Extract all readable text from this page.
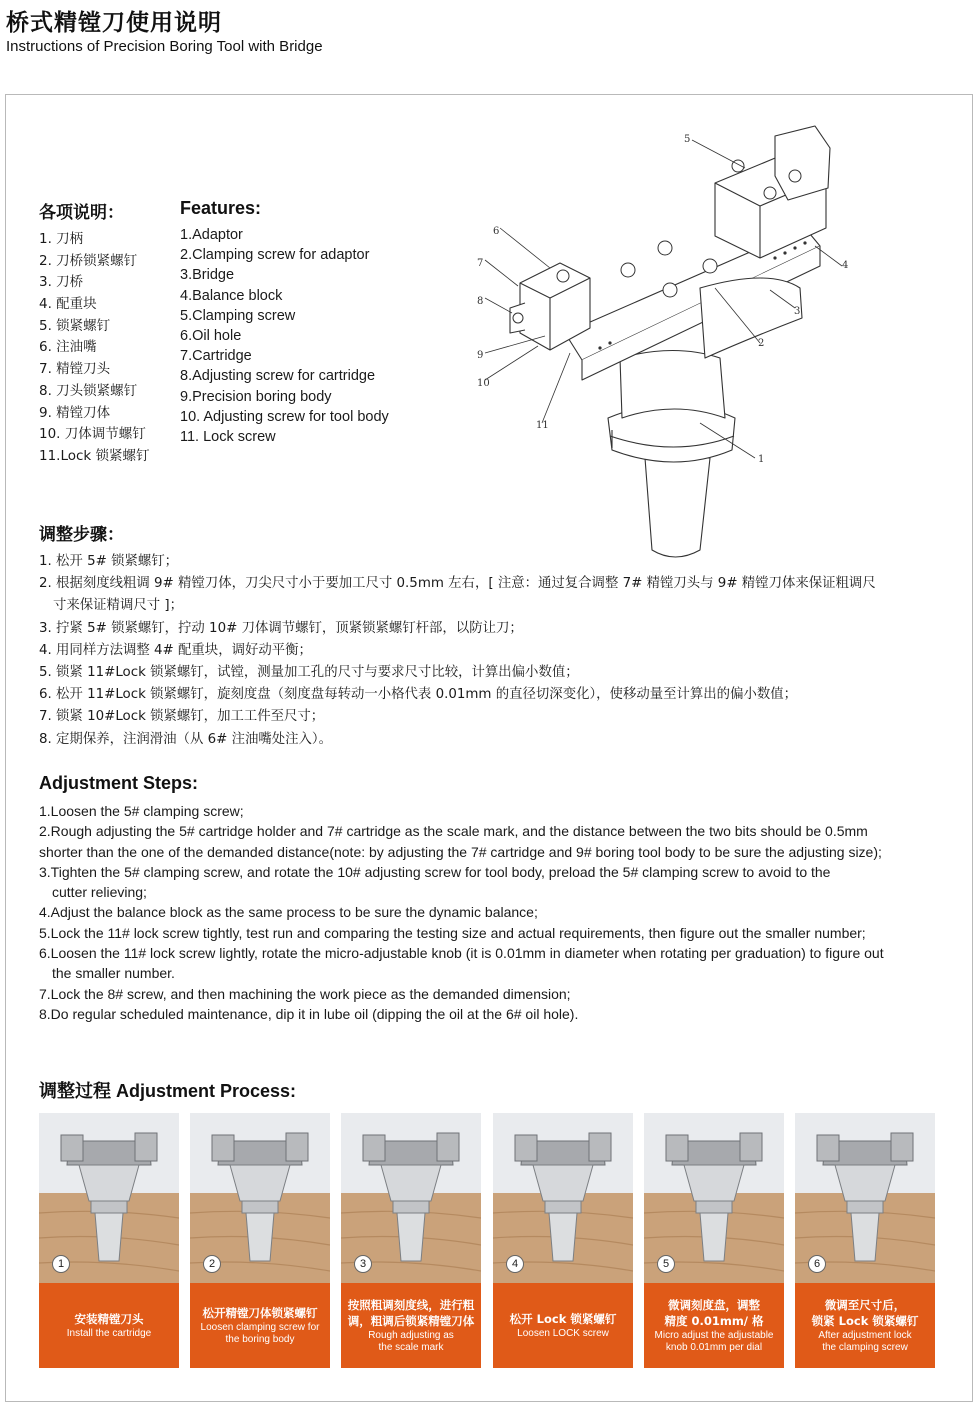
桥式精镗刀使用说明
Instructions of Precision Boring Tool with Bridge
各项说明：
1. 刀柄
2. 刀桥锁紧螺钉
3. 刀桥
4. 配重块
5. 锁紧螺钉
6. 注油嘴
7. 精镗刀头
8. 刀头锁紧螺钉
9. 精镗刀体
10. 刀体调节螺钉
11.Lock 锁紧螺钉
Features:
1.Adaptor
2.Clamping screw for adaptor
3.Bridge
4.Balance block
5.Clamping screw
6.Oil hole
7.Cartridge
8.Adjusting screw for cartridge
9.Precision boring body
10. Adjusting screw for tool body
11. Lock screw
1
2
3
4
5
6
7
8
9
10
11
调整步骤：
1. 松开 5# 锁紧螺钉；
2. 根据刻度线粗调 9# 精镗刀体，刀尖尺寸小于要加工尺寸 0.5mm 左右，[ 注意：通过复合调整 7# 精镗刀头与 9# 精镗刀体来保证粗调尺
寸来保证精调尺寸 ]；
3. 拧紧 5# 锁紧螺钉，拧动 10# 刀体调节螺钉，顶紧锁紧螺钉杆部，以防让刀；
4. 用同样方法调整 4# 配重块，调好动平衡；
5. 锁紧 11#Lock 锁紧螺钉，试镗，测量加工孔的尺寸与要求尺寸比较，计算出偏小数值；
6. 松开 11#Lock 锁紧螺钉，旋刻度盘（刻度盘每转动一小格代表 0.01mm 的直径切深变化），使移动量至计算出的偏小数值；
7. 锁紧 10#Lock 锁紧螺钉，加工工件至尺寸；
8. 定期保养，注润滑油（从 6# 注油嘴处注入）。
Adjustment Steps:
1.Loosen the 5# clamping screw;
2.Rough adjusting the 5# cartridge holder and 7# cartridge as the scale mark, and the distance between the two bits should be 0.5mm
shorter than the one of the demanded distance(note: by adjusting the 7# cartridge and 9# boring tool body to be sure the adjusting size);
3.Tighten the 5# clamping screw, and rotate the 10# adjusting screw for tool body, preload the 5# clamping screw to avoid to the
cutter relieving;
4.Adjust the balance block as the same process to be sure the dynamic balance;
5.Lock the 11# lock screw tightly, test run and comparing the testing size and actual requirements, then figure out the smaller number;
6.Loosen the 11# lock screw lightly, rotate the micro-adjustable knob (it is 0.01mm in diameter when rotating per graduation) to figure out
the smaller number.
7.Lock the 8# screw, and then machining the work piece as the demanded dimension;
8.Do regular scheduled maintenance, dip it in lube oil (dipping the oil at the 6# oil hole).
调整过程 Adjustment Process:
1
安装精镗刀头
Install the cartridge
2
松开精镗刀体锁紧螺钉
Loosen clamping screw for
the boring body
3
按照粗调刻度线，进行粗
调，粗调后锁紧精镗刀体
Rough adjusting as
the scale mark
4
松开 Lock 锁紧螺钉
Loosen LOCK screw
5
微调刻度盘，调整
精度 0.01mm/ 格
Micro adjust the adjustable
knob 0.01mm per dial
6
微调至尺寸后，
锁紧 Lock 锁紧螺钉
After adjustment lock
the clamping screw
